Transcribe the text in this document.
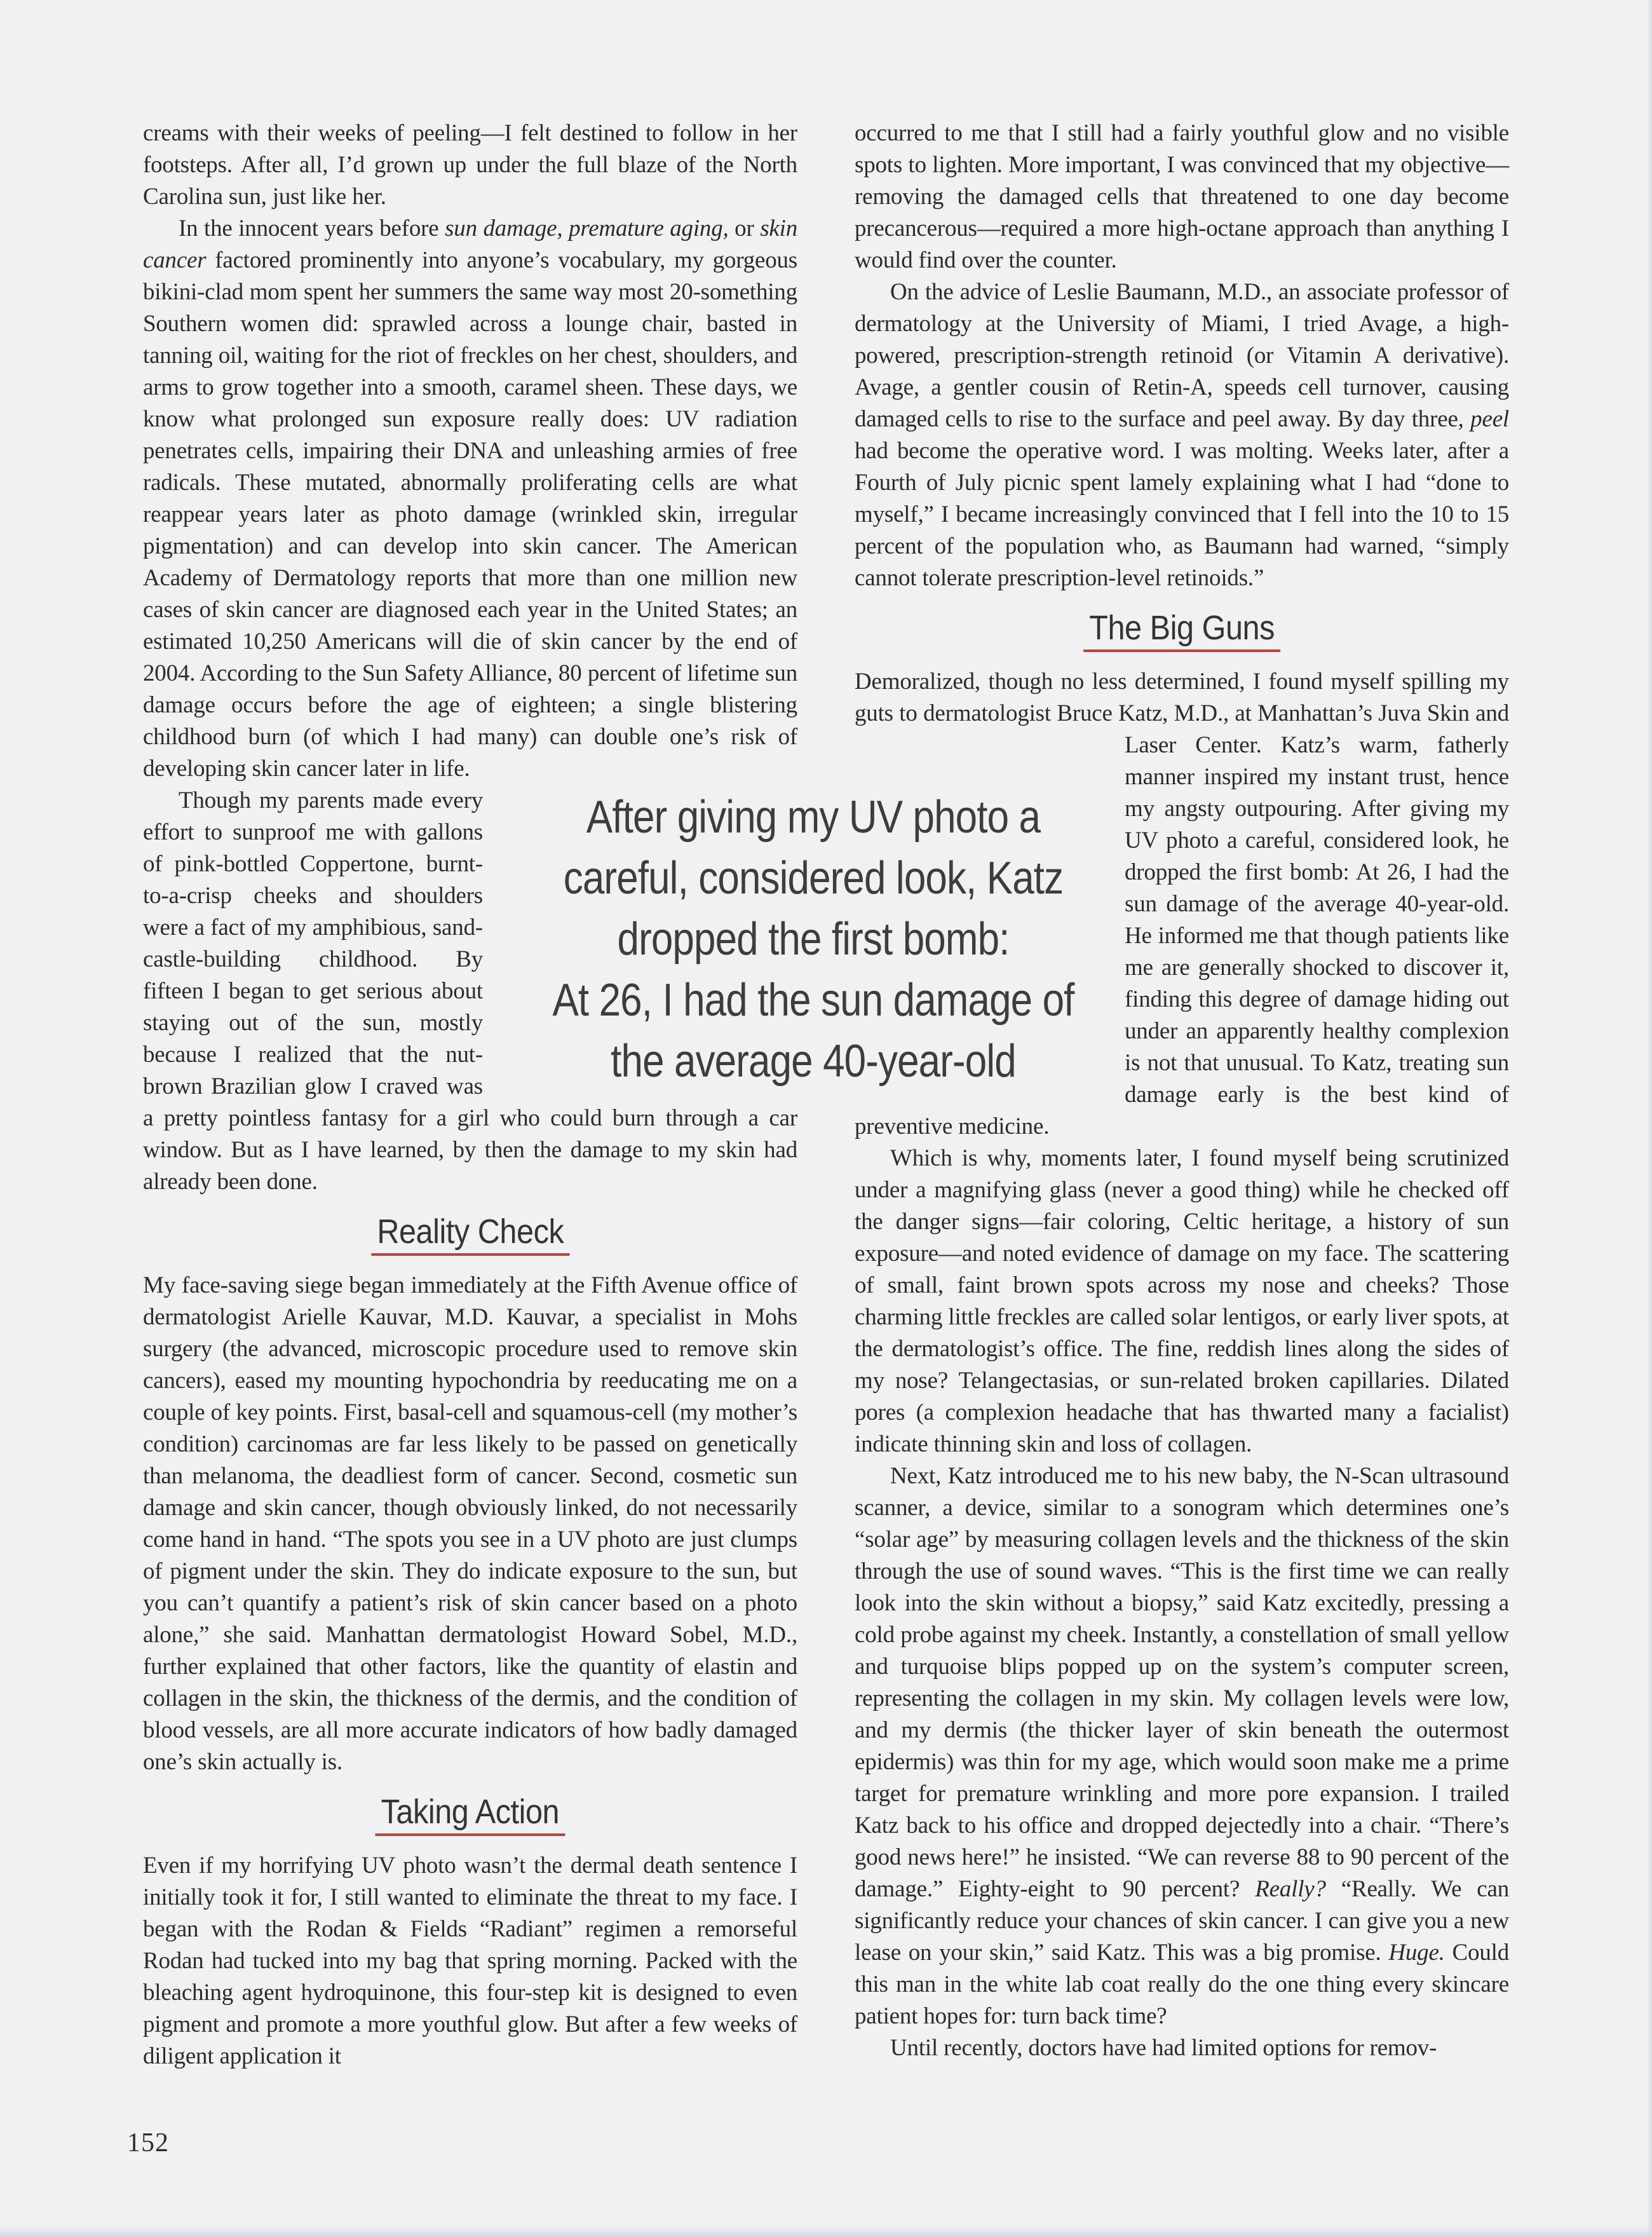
creams with their weeks of peeling—I felt destined to follow in her footsteps. After all, I’d grown up under the full blaze of the North Carolina sun, just like her.

In the innocent years before sun damage, premature aging, or skin cancer factored prominently into anyone’s vocabulary, my gorgeous bikini-clad mom spent her summers the same way most 20-something Southern women did: sprawled across a lounge chair, basted in tanning oil, waiting for the riot of freckles on her chest, shoulders, and arms to grow together into a smooth, caramel sheen. These days, we know what prolonged sun exposure really does: UV radiation penetrates cells, impairing their DNA and unleashing armies of free radicals. These mutated, abnormally proliferating cells are what reappear years later as photo damage (wrinkled skin, irregular pigmentation) and can develop into skin cancer. The American Academy of Dermatology reports that more than one million new cases of skin cancer are diagnosed each year in the United States; an estimated 10,250 Americans will die of skin cancer by the end of 2004. According to the Sun Safety Alliance, 80 percent of lifetime sun damage occurs before the age of eighteen; a single blistering childhood burn (of which I had many) can double one’s risk of developing skin cancer later in life.

Though my parents made every effort to sunproof me with gallons of pink-bottled Coppertone, burnt-to-a-crisp cheeks and shoulders were a fact of my amphibious, sand-castle-building childhood. By fifteen I began to get serious about staying out of the sun, mostly because I realized that the nut-brown Brazilian glow I craved was a pretty pointless fantasy for a girl who could burn through a car window. But as I have learned, by then the damage to my skin had already been done.

Reality Check

My face-saving siege began immediately at the Fifth Avenue office of dermatologist Arielle Kauvar, M.D. Kauvar, a specialist in Mohs surgery (the advanced, microscopic procedure used to remove skin cancers), eased my mounting hypochondria by reeducating me on a couple of key points. First, basal-cell and squamous-cell (my mother’s condition) carcinomas are far less likely to be passed on genetically than melanoma, the deadliest form of cancer. Second, cosmetic sun damage and skin cancer, though obviously linked, do not necessarily come hand in hand. “The spots you see in a UV photo are just clumps of pigment under the skin. They do indicate exposure to the sun, but you can’t quantify a patient’s risk of skin cancer based on a photo alone,” she said. Manhattan dermatologist Howard Sobel, M.D., further explained that other factors, like the quantity of elastin and collagen in the skin, the thickness of the dermis, and the condition of blood vessels, are all more accurate indicators of how badly damaged one’s skin actually is.

Taking Action

Even if my horrifying UV photo wasn’t the dermal death sentence I initially took it for, I still wanted to eliminate the threat to my face. I began with the Rodan & Fields “Radiant” regimen a remorseful Rodan had tucked into my bag that spring morning. Packed with the bleaching agent hydroquinone, this four-step kit is designed to even pigment and promote a more youthful glow. But after a few weeks of diligent application it

occurred to me that I still had a fairly youthful glow and no visible spots to lighten. More important, I was convinced that my objective—removing the damaged cells that threatened to one day become precancerous—required a more high-octane approach than anything I would find over the counter.

On the advice of Leslie Baumann, M.D., an associate professor of dermatology at the University of Miami, I tried Avage, a high-powered, prescription-strength retinoid (or Vitamin A derivative). Avage, a gentler cousin of Retin-A, speeds cell turnover, causing damaged cells to rise to the surface and peel away. By day three, peel had become the operative word. I was molting. Weeks later, after a Fourth of July picnic spent lamely explaining what I had “done to myself,” I became increasingly convinced that I fell into the 10 to 15 percent of the population who, as Baumann had warned, “simply cannot tolerate prescription-level retinoids.”

The Big Guns

Demoralized, though no less determined, I found myself spilling my guts to dermatologist Bruce Katz, M.D., at Manhattan’s Juva Skin and Laser Center. Katz’s warm, fatherly manner inspired my instant trust, hence my angsty outpouring. After giving my UV photo a careful, considered look, he dropped the first bomb: At 26, I had the sun damage of the average 40-year-old. He informed me that though patients like me are generally shocked to discover it, finding this degree of damage hiding out under an apparently healthy complexion is not that unusual. To Katz, treating sun damage early is the best kind of preventive medicine.

Which is why, moments later, I found myself being scrutinized under a magnifying glass (never a good thing) while he checked off the danger signs—fair coloring, Celtic heritage, a history of sun exposure—and noted evidence of damage on my face. The scattering of small, faint brown spots across my nose and cheeks? Those charming little freckles are called solar lentigos, or early liver spots, at the dermatologist’s office. The fine, reddish lines along the sides of my nose? Telangectasias, or sun-related broken capillaries. Dilated pores (a complexion headache that has thwarted many a facialist) indicate thinning skin and loss of collagen.

Next, Katz introduced me to his new baby, the N-Scan ultrasound scanner, a device, similar to a sonogram which determines one’s “solar age” by measuring collagen levels and the thickness of the skin through the use of sound waves. “This is the first time we can really look into the skin without a biopsy,” said Katz excitedly, pressing a cold probe against my cheek. Instantly, a constellation of small yellow and turquoise blips popped up on the system’s computer screen, representing the collagen in my skin. My collagen levels were low, and my dermis (the thicker layer of skin beneath the outermost epidermis) was thin for my age, which would soon make me a prime target for premature wrinkling and more pore expansion. I trailed Katz back to his office and dropped dejectedly into a chair. “There’s good news here!” he insisted. “We can reverse 88 to 90 percent of the damage.” Eighty-eight to 90 percent? Really? “Really. We can significantly reduce your chances of skin cancer. I can give you a new lease on your skin,” said Katz. This was a big promise. Huge. Could this man in the white lab coat really do the one thing every skincare patient hopes for: turn back time?

Until recently, doctors have had limited options for remov-

After giving my UV photo a
careful, considered look, Katz
dropped the first bomb:
At 26, I had the sun damage of
the average 40-year-old
152
